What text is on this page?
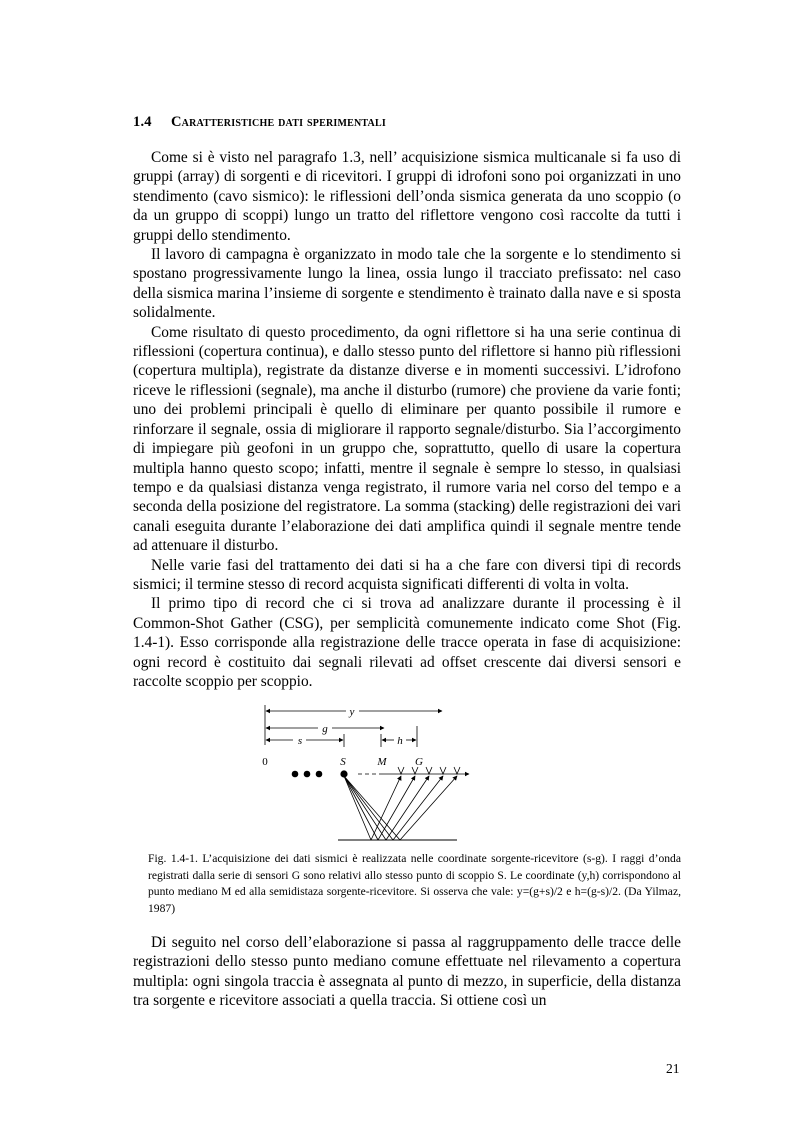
1.4 Caratteristiche dati sperimentali

Come si è visto nel paragrafo 1.3, nell’ acquisizione sismica multicanale si fa uso di gruppi (array) di sorgenti e di ricevitori. I gruppi di idrofoni sono poi organizzati in uno stendimento (cavo sismico): le riflessioni dell’onda sismica generata da uno scoppio (o da un gruppo di scoppi) lungo un tratto del riflettore vengono così raccolte da tutti i gruppi dello stendimento.

Il lavoro di campagna è organizzato in modo tale che la sorgente e lo stendimento si spostano progressivamente lungo la linea, ossia lungo il tracciato prefissato: nel caso della sismica marina l’insieme di sorgente e stendimento è trainato dalla nave e si sposta solidalmente.

Come risultato di questo procedimento, da ogni riflettore si ha una serie continua di riflessioni (copertura continua), e dallo stesso punto del riflettore si hanno più riflessioni (copertura multipla), registrate da distanze diverse e in momenti successivi. L’idrofono riceve le riflessioni (segnale), ma anche il disturbo (rumore) che proviene da varie fonti; uno dei problemi principali è quello di eliminare per quanto possibile il rumore e rinforzare il segnale, ossia di migliorare il rapporto segnale/disturbo. Sia l’accorgimento di impiegare più geofoni in un gruppo che, soprattutto, quello di usare la copertura multipla hanno questo scopo; infatti, mentre il segnale è sempre lo stesso, in qualsiasi tempo e da qualsiasi distanza venga registrato, il rumore varia nel corso del tempo e a seconda della posizione del registratore. La somma (stacking) delle registrazioni dei vari canali eseguita durante l’elaborazione dei dati amplifica quindi il segnale mentre tende ad attenuare il disturbo.

Nelle varie fasi del trattamento dei dati si ha a che fare con diversi tipi di records sismici; il termine stesso di record acquista significati differenti di volta in volta.

Il primo tipo di record che ci si trova ad analizzare durante il processing è il Common-Shot Gather (CSG), per semplicità comunemente indicato come Shot (Fig. 1.4-1). Esso corrisponde alla registrazione delle tracce operata in fase di acquisizione: ogni record è costituito dai segnali rilevati ad offset crescente dai diversi sensori e raccolte scoppio per scoppio.

y
g
s	h
0	S	M	G
Fig. 1.4-1. L’acquisizione dei dati sismici è realizzata nelle coordinate sorgente-ricevitore (s-g). I raggi d’onda registrati dalla serie di sensori G sono relativi allo stesso punto di scoppio S. Le coordinate (y,h) corrispondono al punto mediano M ed alla semidistaza sorgente-ricevitore. Si osserva che vale: y=(g+s)/2 e h=(g-s)/2. (Da Yilmaz, 1987)

Di seguito nel corso dell’elaborazione si passa al raggruppamento delle tracce delle registrazioni dello stesso punto mediano comune effettuate nel rilevamento a copertura multipla: ogni singola traccia è assegnata al punto di mezzo, in superficie, della distanza tra sorgente e ricevitore associati a quella traccia. Si ottiene così un

21
